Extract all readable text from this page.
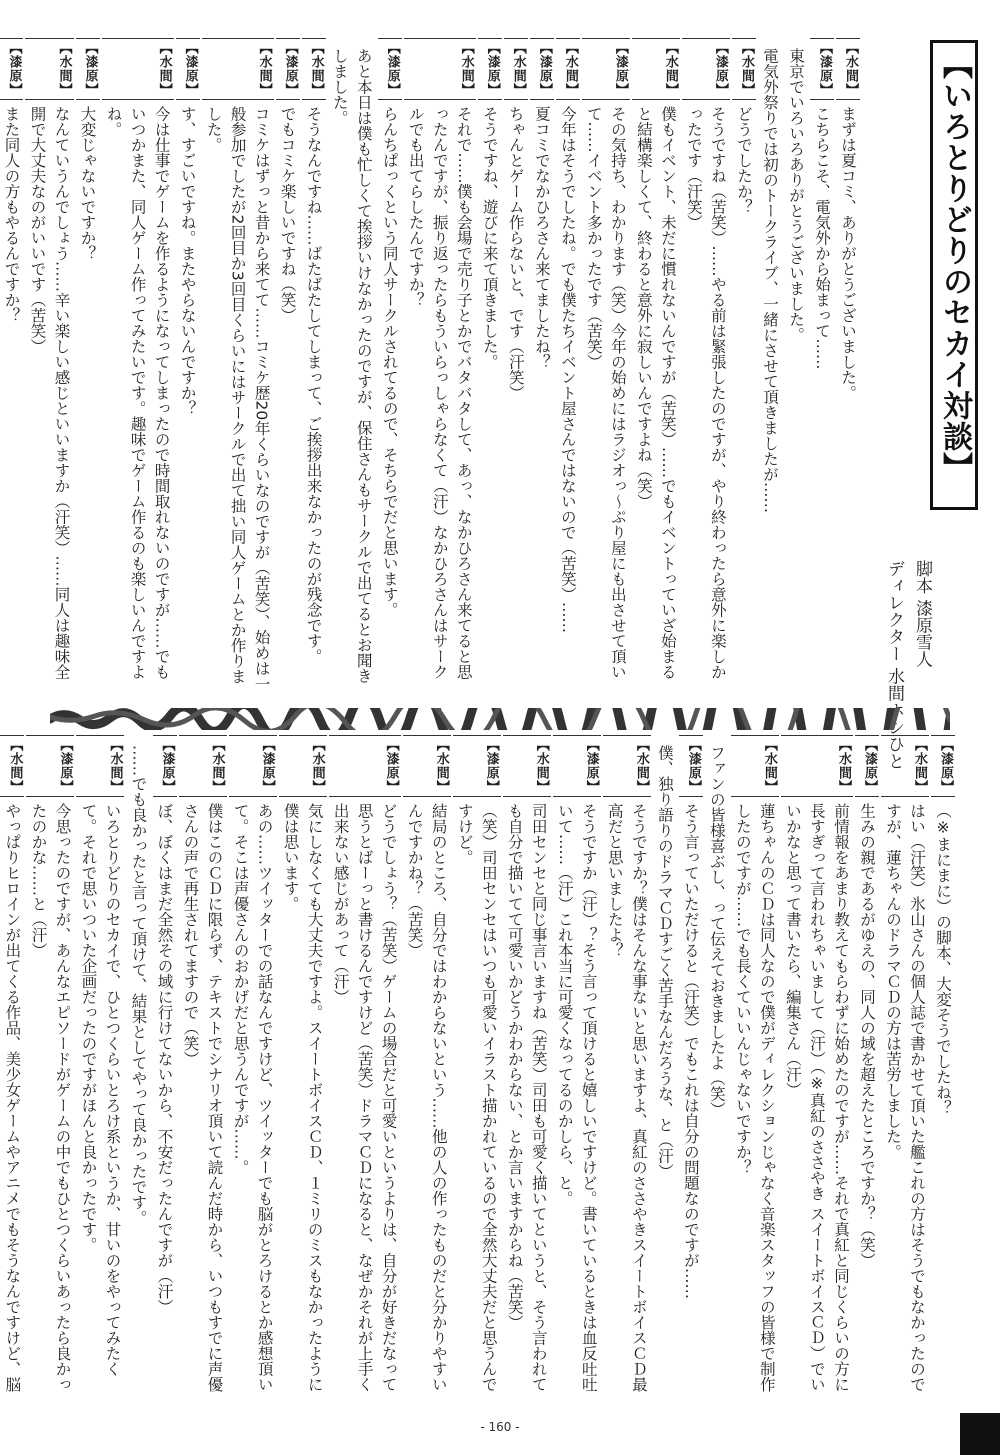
【いろとりどりのセカイ対談】
脚本 漆原雪人
ディレクター 水間ホシひと
【水間】
まずは夏コミ、ありがとうございました。
【漆原】
こちらこそ、電気外から始まって……
東京でいろいろありがとうございました。
電気外祭りでは初のトークライブ、一緒にさせて頂きましたが……
【水間】
どうでしたか？
【漆原】
そうですね（苦笑）……やる前は緊張したのですが、やり終わったら意外に楽しかったです（汗笑）
【水間】
僕もイベント、未だに慣れないんですが（苦笑）……でもイベントっていざ始まると結構楽しくて、終わると意外に寂しいんですよね（笑）
【漆原】
その気持ち、わかります（笑）今年の始めにはラジオっ～ぷり屋にも出させて頂いて……イベント多かったです（苦笑）
【水間】
今年はそうでしたね。でも僕たちイベント屋さんではないので（苦笑）……
【漆原】
夏コミでなかひろさん来てましたね？
【水間】
ちゃんとゲーム作らないと、です（汗笑）
【漆原】
そうですね、遊びに来て頂きました。
【水間】
それで……僕も会場で売り子とかでバタバタして、あっ、なかひろさん来てると思ったんですが、振り返ったらもういらっしゃらなくて（汗）なかひろさんはサークルでも出てらしたんですか？
【漆原】
らんちぱっくという同人サークルされてるので、そちらでだと思います。
あと本日は僕も忙しくて挨拶いけなかったのですが、保住さんもサークルで出てるとお聞きしました。
【水間】
そうなんですね……ばたばたしてしまって、ご挨拶出来なかったのが残念です。
【漆原】
でもコミケ楽しいですね（笑）
【水間】
コミケはずっと昔から来てて……コミケ歴20年くらいなのですが（苦笑）、始めは一般参加でしたが2回目か3回目くらいにはサークルで出て拙い同人ゲームとか作りました。
【漆原】
す、すごいですね。またやらないんですか？
【水間】
今は仕事でゲームを作るようになってしまったので時間取れないのですが……でもいつかまた、同人ゲーム作ってみたいです。趣味でゲーム作るのも楽しいんですよね。
【漆原】
大変じゃないですか？
【水間】
なんていうんでしょう……辛い楽しい感じといいますか（汗笑）……同人は趣味全開で大丈夫なのがいいです（苦笑）
【漆原】
また同人の方もやるんですか？
【漆原】
（※まにまに）の脚本、大変そうでしたね？
【水間】
はい（汗笑）氷山さんの個人誌で書かせて頂いた艦これの方はそうでもなかったのですが、蓮ちゃんのドラマＣＤの方は苦労しました。
【漆原】
生みの親であるがゆえの、同人の域を超えたところですか？（笑）
【水間】
前情報をあまり教えてもらわずに始めたのですが……それで真紅と同じくらいの方に長すぎって言われちゃいまして（汗）（※真紅のささやき スイートボイスＣＤ）でいいかなと思って書いたら、編集さん（汗）
【水間】
蓮ちゃんのＣＤは同人なので僕がディレクションじゃなく音楽スタッフの皆様で制作したのですが……でも長くていいんじゃないですか？
ファンの皆様喜ぶし、って伝えておきましたよ（笑）
【漆原】
そう言っていただけると（汗笑）でもこれは自分の問題なのですが……
僕、独り語りのドラマＣＤすごく苦手なんだろうな、と（汗）
【水間】
そうですか？僕はそんな事ないと思いますよ、真紅のささやきスイートボイスＣＤ最高だと思いましたよ？
【漆原】
そうですか（汗）？そう言って頂けると嬉しいですけど。書いているときは血反吐吐いて……（汗）これ本当に可愛くなってるのかしら、と。
【水間】
司田センセと同じ事言いますね（苦笑）司田も可愛く描いてというと、そう言われても自分で描いてて可愛いかどうかわからない、とか言いますからね（苦笑）
【漆原】
（笑）司田センセはいつも可愛いイラスト描かれているので全然大丈夫だと思うんですけど。
【水間】
結局のところ、自分ではわからないという……他の人の作ったものだと分かりやすいんですかね？（苦笑）
【漆原】
どうでしょう？（苦笑）ゲームの場合だと可愛いというよりは、自分が好きだなって思うとばーっと書けるんですけど（苦笑）ドラマＣＤになると、なぜかそれが上手く出来ない感じがあって（汗）
【水間】
気にしなくても大丈夫ですよ。スイートボイスＣＤ、１ミリのミスもなかったように僕は思います。
【漆原】
あの……ツイッターでの話なんですけど、ツイッターでも脳がとろけるとか感想頂いて。そこは声優さんのおかげだと思うんですが……。
【水間】
僕はこのＣＤに限らず、テキストでシナリオ頂いて読んだ時から、いつもすでに声優さんの声で再生されてますので（笑）
【漆原】
ぼ、ぼくはまだ全然その域に行けてないから、不安だったんですが（汗）
……でも良かったと言って頂けて、結果としてやって良かったです。
【水間】
いろとりどりのセカイで、ひとつくらいとろけ系というか、甘いのをやってみたくて。それで思いついた企画だったのですがほんと良かったです。
【漆原】
今思ったのですが、あんなエピソードがゲームの中でもひとつくらいあったら良かったのかな……と（汗）
【水間】
やっぱりヒロインが出てくる作品、美少女ゲームやアニメでもそうなんですけど、脳
- 160 -
